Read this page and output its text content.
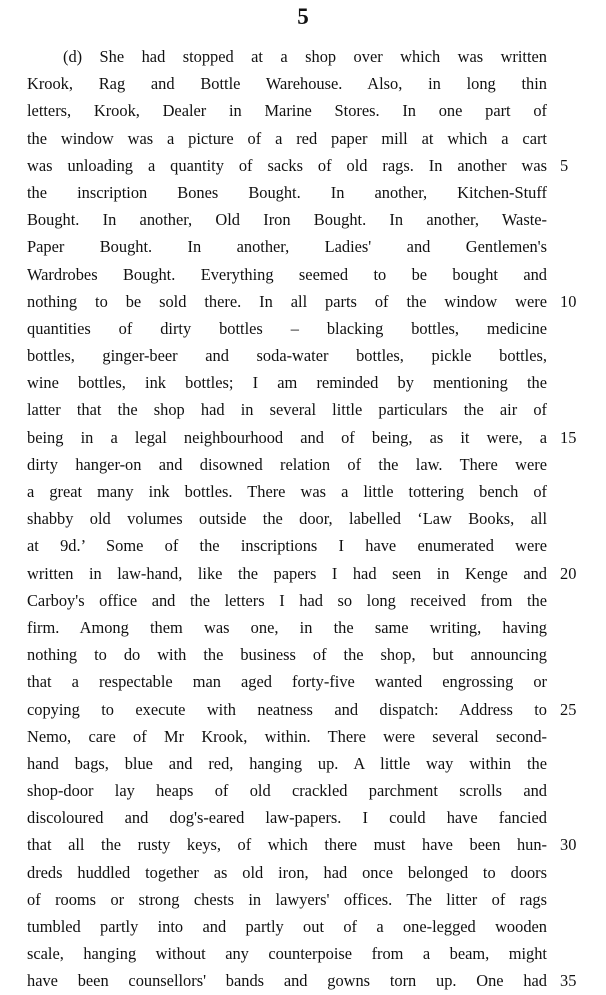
5
(d) She had stopped at a shop over which was written
Krook, Rag and Bottle Warehouse. Also, in long thin
letters, Krook, Dealer in Marine Stores. In one part of
the window was a picture of a red paper mill at which a cart
was unloading a quantity of sacks of old rags. In another was
the inscription Bones Bought. In another, Kitchen-Stuff
Bought. In another, Old Iron Bought. In another, Waste-
Paper Bought. In another, Ladies' and Gentlemen's
Wardrobes Bought. Everything seemed to be bought and
nothing to be sold there. In all parts of the window were
quantities of dirty bottles – blacking bottles, medicine
bottles, ginger-beer and soda-water bottles, pickle bottles,
wine bottles, ink bottles; I am reminded by mentioning the
latter that the shop had in several little particulars the air of
being in a legal neighbourhood and of being, as it were, a
dirty hanger-on and disowned relation of the law. There were
a great many ink bottles. There was a little tottering bench of
shabby old volumes outside the door, labelled ‘Law Books, all
at 9d.’ Some of the inscriptions I have enumerated were
written in law-hand, like the papers I had seen in Kenge and
Carboy's office and the letters I had so long received from the
firm. Among them was one, in the same writing, having
nothing to do with the business of the shop, but announcing
that a respectable man aged forty-five wanted engrossing or
copying to execute with neatness and dispatch: Address to
Nemo, care of Mr Krook, within. There were several second-
hand bags, blue and red, hanging up. A little way within the
shop-door lay heaps of old crackled parchment scrolls and
discoloured and dog's-eared law-papers. I could have fancied
that all the rusty keys, of which there must have been hun-
dreds huddled together as old iron, had once belonged to doors
of rooms or strong chests in lawyers' offices. The litter of rags
tumbled partly into and partly out of a one-legged wooden
scale, hanging without any counterpoise from a beam, might
have been counsellors' bands and gowns torn up. One had
5
10
15
20
25
30
35
